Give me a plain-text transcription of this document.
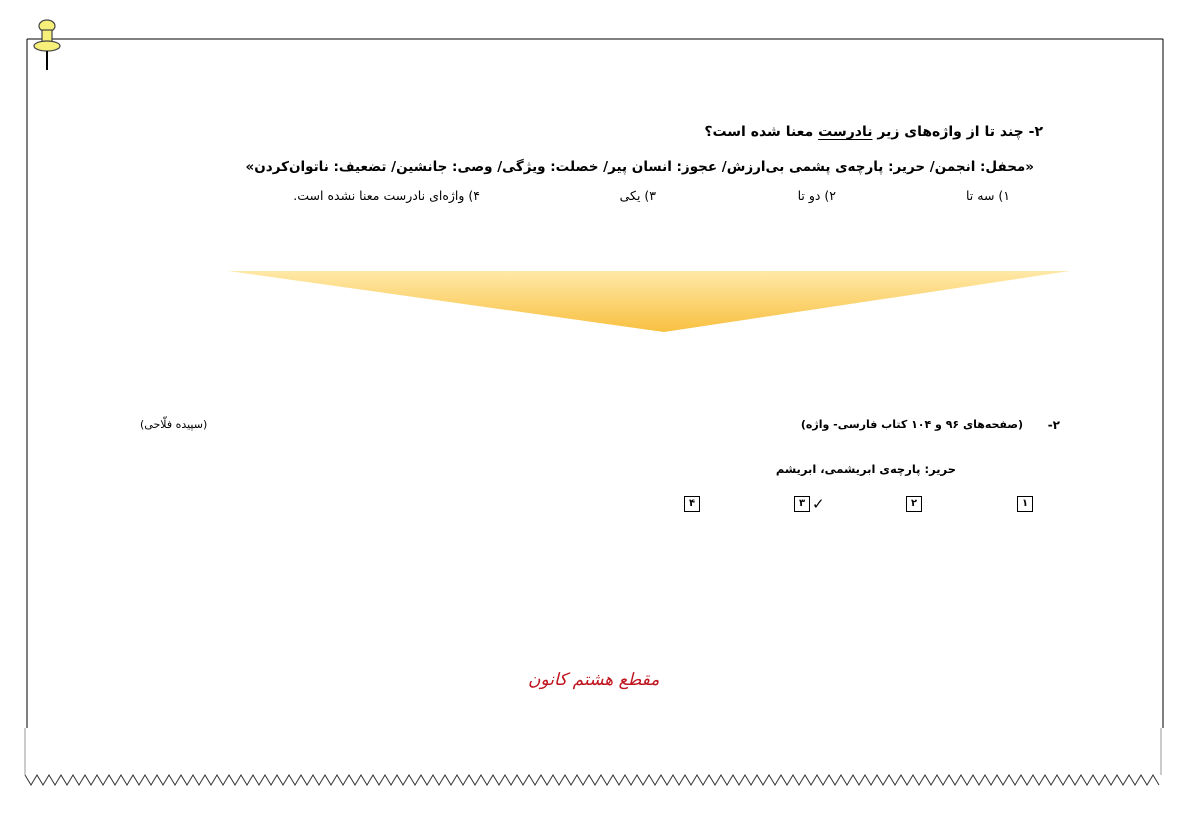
۲- چند تا از واژه‌های زیر نادرست معنا شده است؟
«محفل: انجمن/ حریر: پارچه‌ی پشمی بی‌ارزش/ عجوز: انسان پیر/ خصلت: ویژگی/ وصی: جانشین/ تضعیف: ناتوان‌کردن»
۱) سه تا
۲) دو تا
۳) یکی
۴) واژه‌ای نادرست معنا نشده است.
۲-
(صفحه‌های ۹۶ و ۱۰۴ کتاب فارسی- واژه)
(سپیده فلّاحی)
حریر: پارچه‌ی ابریشمی، ابریشم
۱
۲
۳
۴	✓
مقطع هشتم کانون
